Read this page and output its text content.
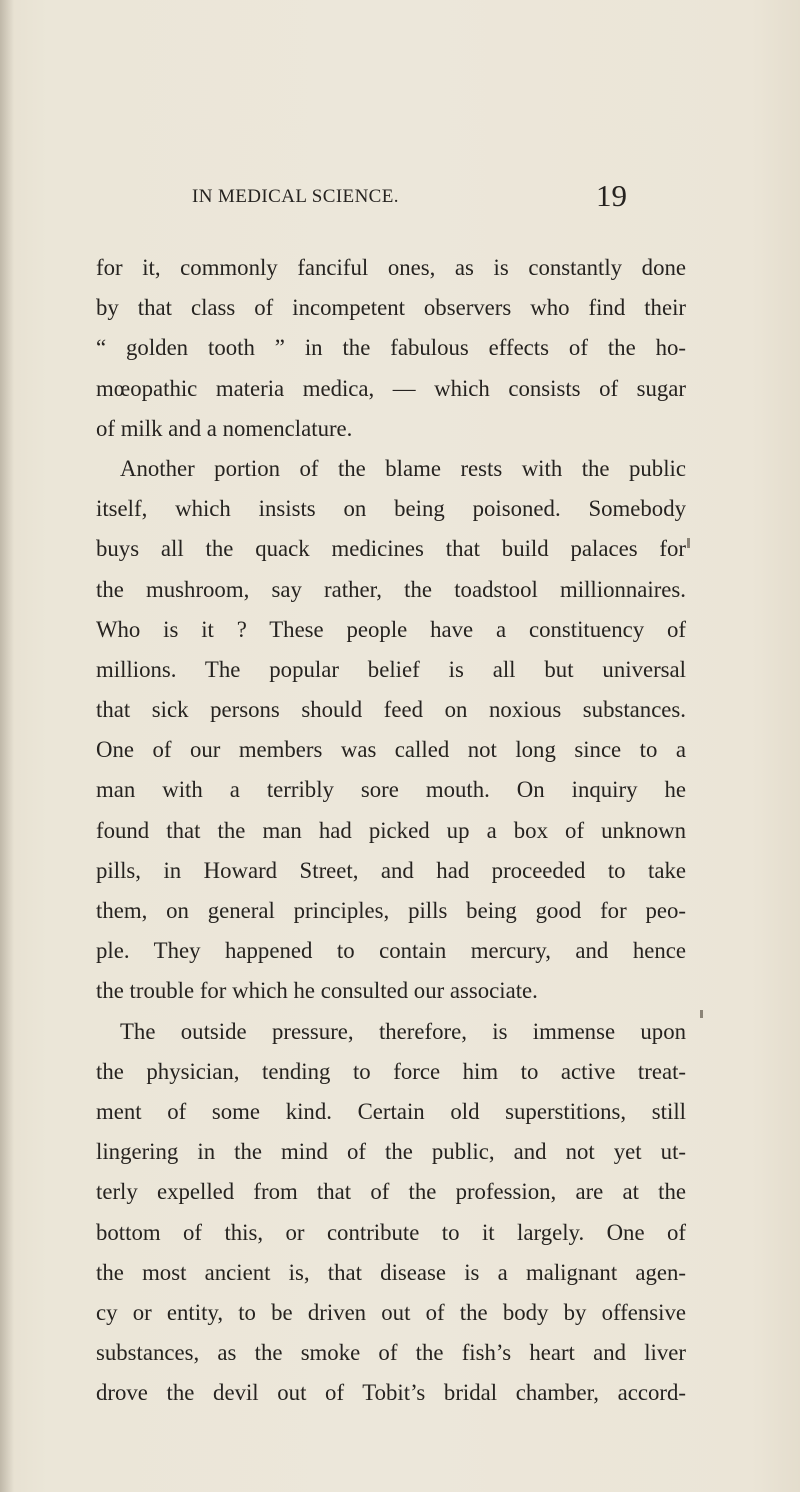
IN MEDICAL SCIENCE.	19
for it, commonly fanciful ones, as is constantly done
by that class of incompetent observers who find their
“ golden tooth ” in the fabulous effects of the ho-
mœopathic materia medica, — which consists of sugar
of milk and a nomenclature.
Another portion of the blame rests with the public
itself, which insists on being poisoned. Somebody
buys all the quack medicines that build palaces for
the mushroom, say rather, the toadstool millionnaires.
Who is it ? These people have a constituency of
millions. The popular belief is all but universal
that sick persons should feed on noxious substances.
One of our members was called not long since to a
man with a terribly sore mouth. On inquiry he
found that the man had picked up a box of unknown
pills, in Howard Street, and had proceeded to take
them, on general principles, pills being good for peo-
ple. They happened to contain mercury, and hence
the trouble for which he consulted our associate.
The outside pressure, therefore, is immense upon
the physician, tending to force him to active treat-
ment of some kind. Certain old superstitions, still
lingering in the mind of the public, and not yet ut-
terly expelled from that of the profession, are at the
bottom of this, or contribute to it largely. One of
the most ancient is, that disease is a malignant agen-
cy or entity, to be driven out of the body by offensive
substances, as the smoke of the fish’s heart and liver
drove the devil out of Tobit’s bridal chamber, accord-
